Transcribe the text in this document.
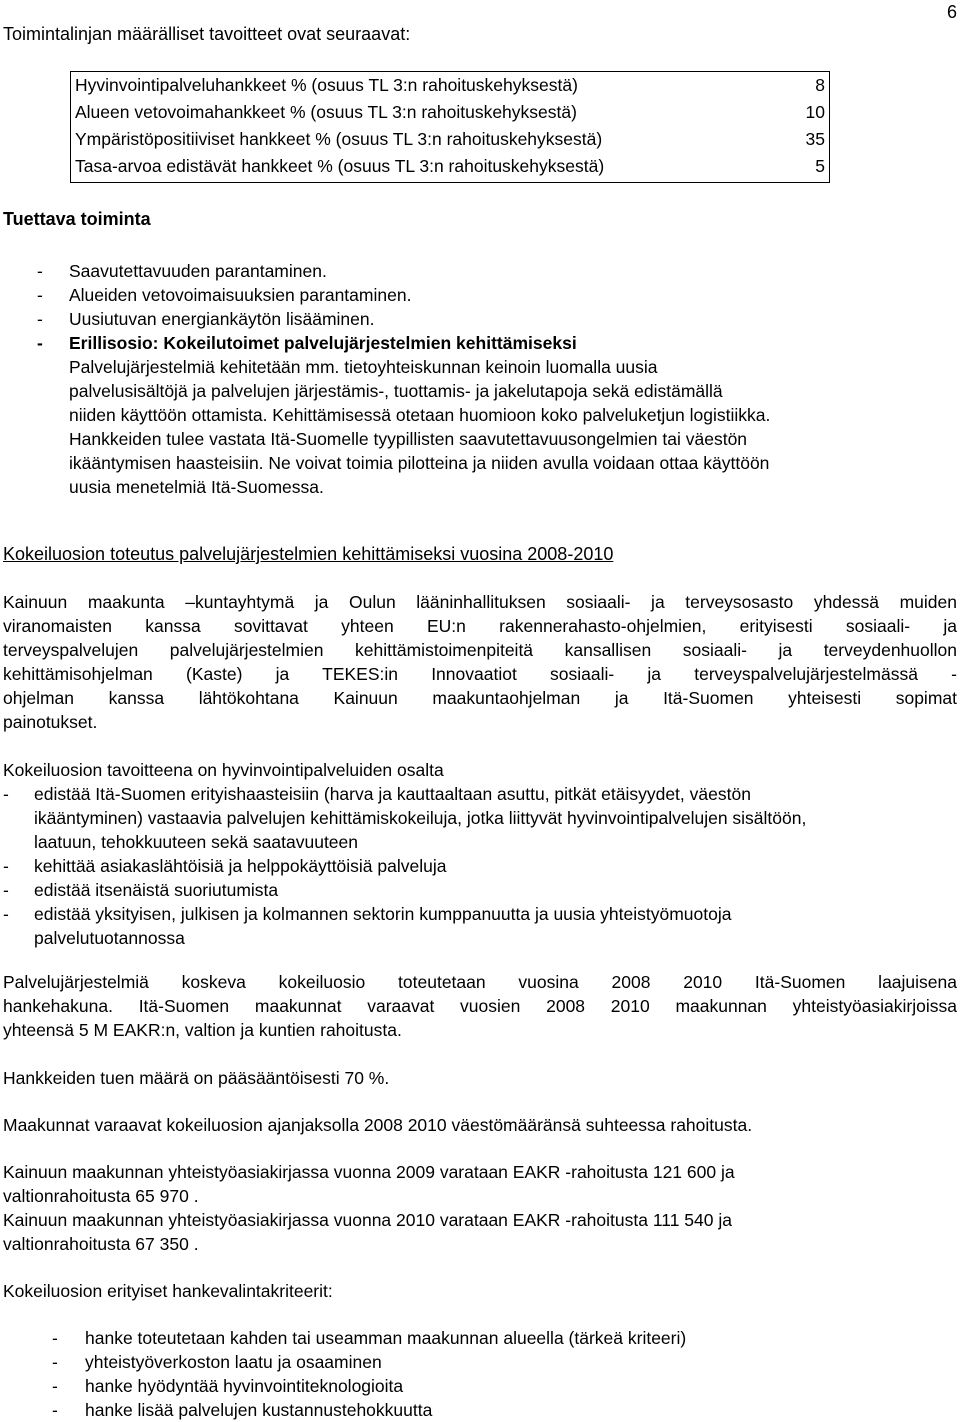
6
Toimintalinjan määrälliset tavoitteet ovat seuraavat:
Hyvinvointipalveluhankkeet % (osuus TL 3:n rahoituskehyksestä)	8
Alueen vetovoimahankkeet % (osuus TL 3:n rahoituskehyksestä)	10
Ympäristöpositiiviset hankkeet % (osuus TL 3:n rahoituskehyksestä)	35
Tasa-arvoa edistävät hankkeet % (osuus TL 3:n rahoituskehyksestä)	5
Tuettava toiminta
- Saavutettavuuden parantaminen.
- Alueiden vetovoimaisuuksien parantaminen.
- Uusiutuvan energiankäytön lisääminen.
- Erillisosio: Kokeilutoimet palvelujärjestelmien kehittämiseksi
Palvelujärjestelmiä kehitetään mm. tietoyhteiskunnan keinoin luomalla uusia
palvelusisältöjä ja palvelujen järjestämis-, tuottamis- ja jakelutapoja sekä edistämällä
niiden käyttöön ottamista. Kehittämisessä otetaan huomioon koko palveluketjun logistiikka.
Hankkeiden tulee vastata Itä-Suomelle tyypillisten saavutettavuusongelmien tai väestön
ikääntymisen haasteisiin. Ne voivat toimia pilotteina ja niiden avulla voidaan ottaa käyttöön
uusia menetelmiä Itä-Suomessa.
Kokeiluosion toteutus palvelujärjestelmien kehittämiseksi vuosina 2008-2010
Kainuun maakunta –kuntayhtymä ja Oulun lääninhallituksen sosiaali- ja terveysosasto yhdessä muiden
viranomaisten kanssa sovittavat yhteen EU:n rakennerahasto-ohjelmien, erityisesti sosiaali- ja
terveyspalvelujen palvelujärjestelmien kehittämistoimenpiteitä kansallisen sosiaali- ja terveydenhuollon
kehittämisohjelman (Kaste) ja TEKES:in Innovaatiot sosiaali- ja terveyspalvelujärjestelmässä -
ohjelman kanssa lähtökohtana Kainuun maakuntaohjelman ja Itä-Suomen yhteisesti sopimat
painotukset.
Kokeiluosion tavoitteena on hyvinvointipalveluiden osalta
- edistää Itä-Suomen erityishaasteisiin (harva ja kauttaaltaan asuttu, pitkät etäisyydet, väestön
ikääntyminen) vastaavia palvelujen kehittämiskokeiluja, jotka liittyvät hyvinvointipalvelujen sisältöön,
laatuun, tehokkuuteen sekä saatavuuteen
- kehittää asiakaslähtöisiä ja helppokäyttöisiä palveluja
- edistää itsenäistä suoriutumista
- edistää yksityisen, julkisen ja kolmannen sektorin kumppanuutta ja uusia yhteistyömuotoja
palvelutuotannossa
Palvelujärjestelmiä koskeva kokeiluosio toteutetaan vuosina 2008 2010 Itä-Suomen laajuisena
hankehakuna. Itä-Suomen maakunnat varaavat vuosien 2008 2010 maakunnan yhteistyöasiakirjoissa
yhteensä 5 M EAKR:n, valtion ja kuntien rahoitusta.
Hankkeiden tuen määrä on pääsääntöisesti 70 %.
Maakunnat varaavat kokeiluosion ajanjaksolla 2008 2010 väestömääränsä suhteessa rahoitusta.
Kainuun maakunnan yhteistyöasiakirjassa vuonna 2009 varataan EAKR -rahoitusta 121 600 ja
valtionrahoitusta 65 970 .
Kainuun maakunnan yhteistyöasiakirjassa vuonna 2010 varataan EAKR -rahoitusta 111 540 ja
valtionrahoitusta 67 350 .
Kokeiluosion erityiset hankevalintakriteerit:
- hanke toteutetaan kahden tai useamman maakunnan alueella (tärkeä kriteeri)
- yhteistyöverkoston laatu ja osaaminen
- hanke hyödyntää hyvinvointiteknologioita
- hanke lisää palvelujen kustannustehokkuutta
